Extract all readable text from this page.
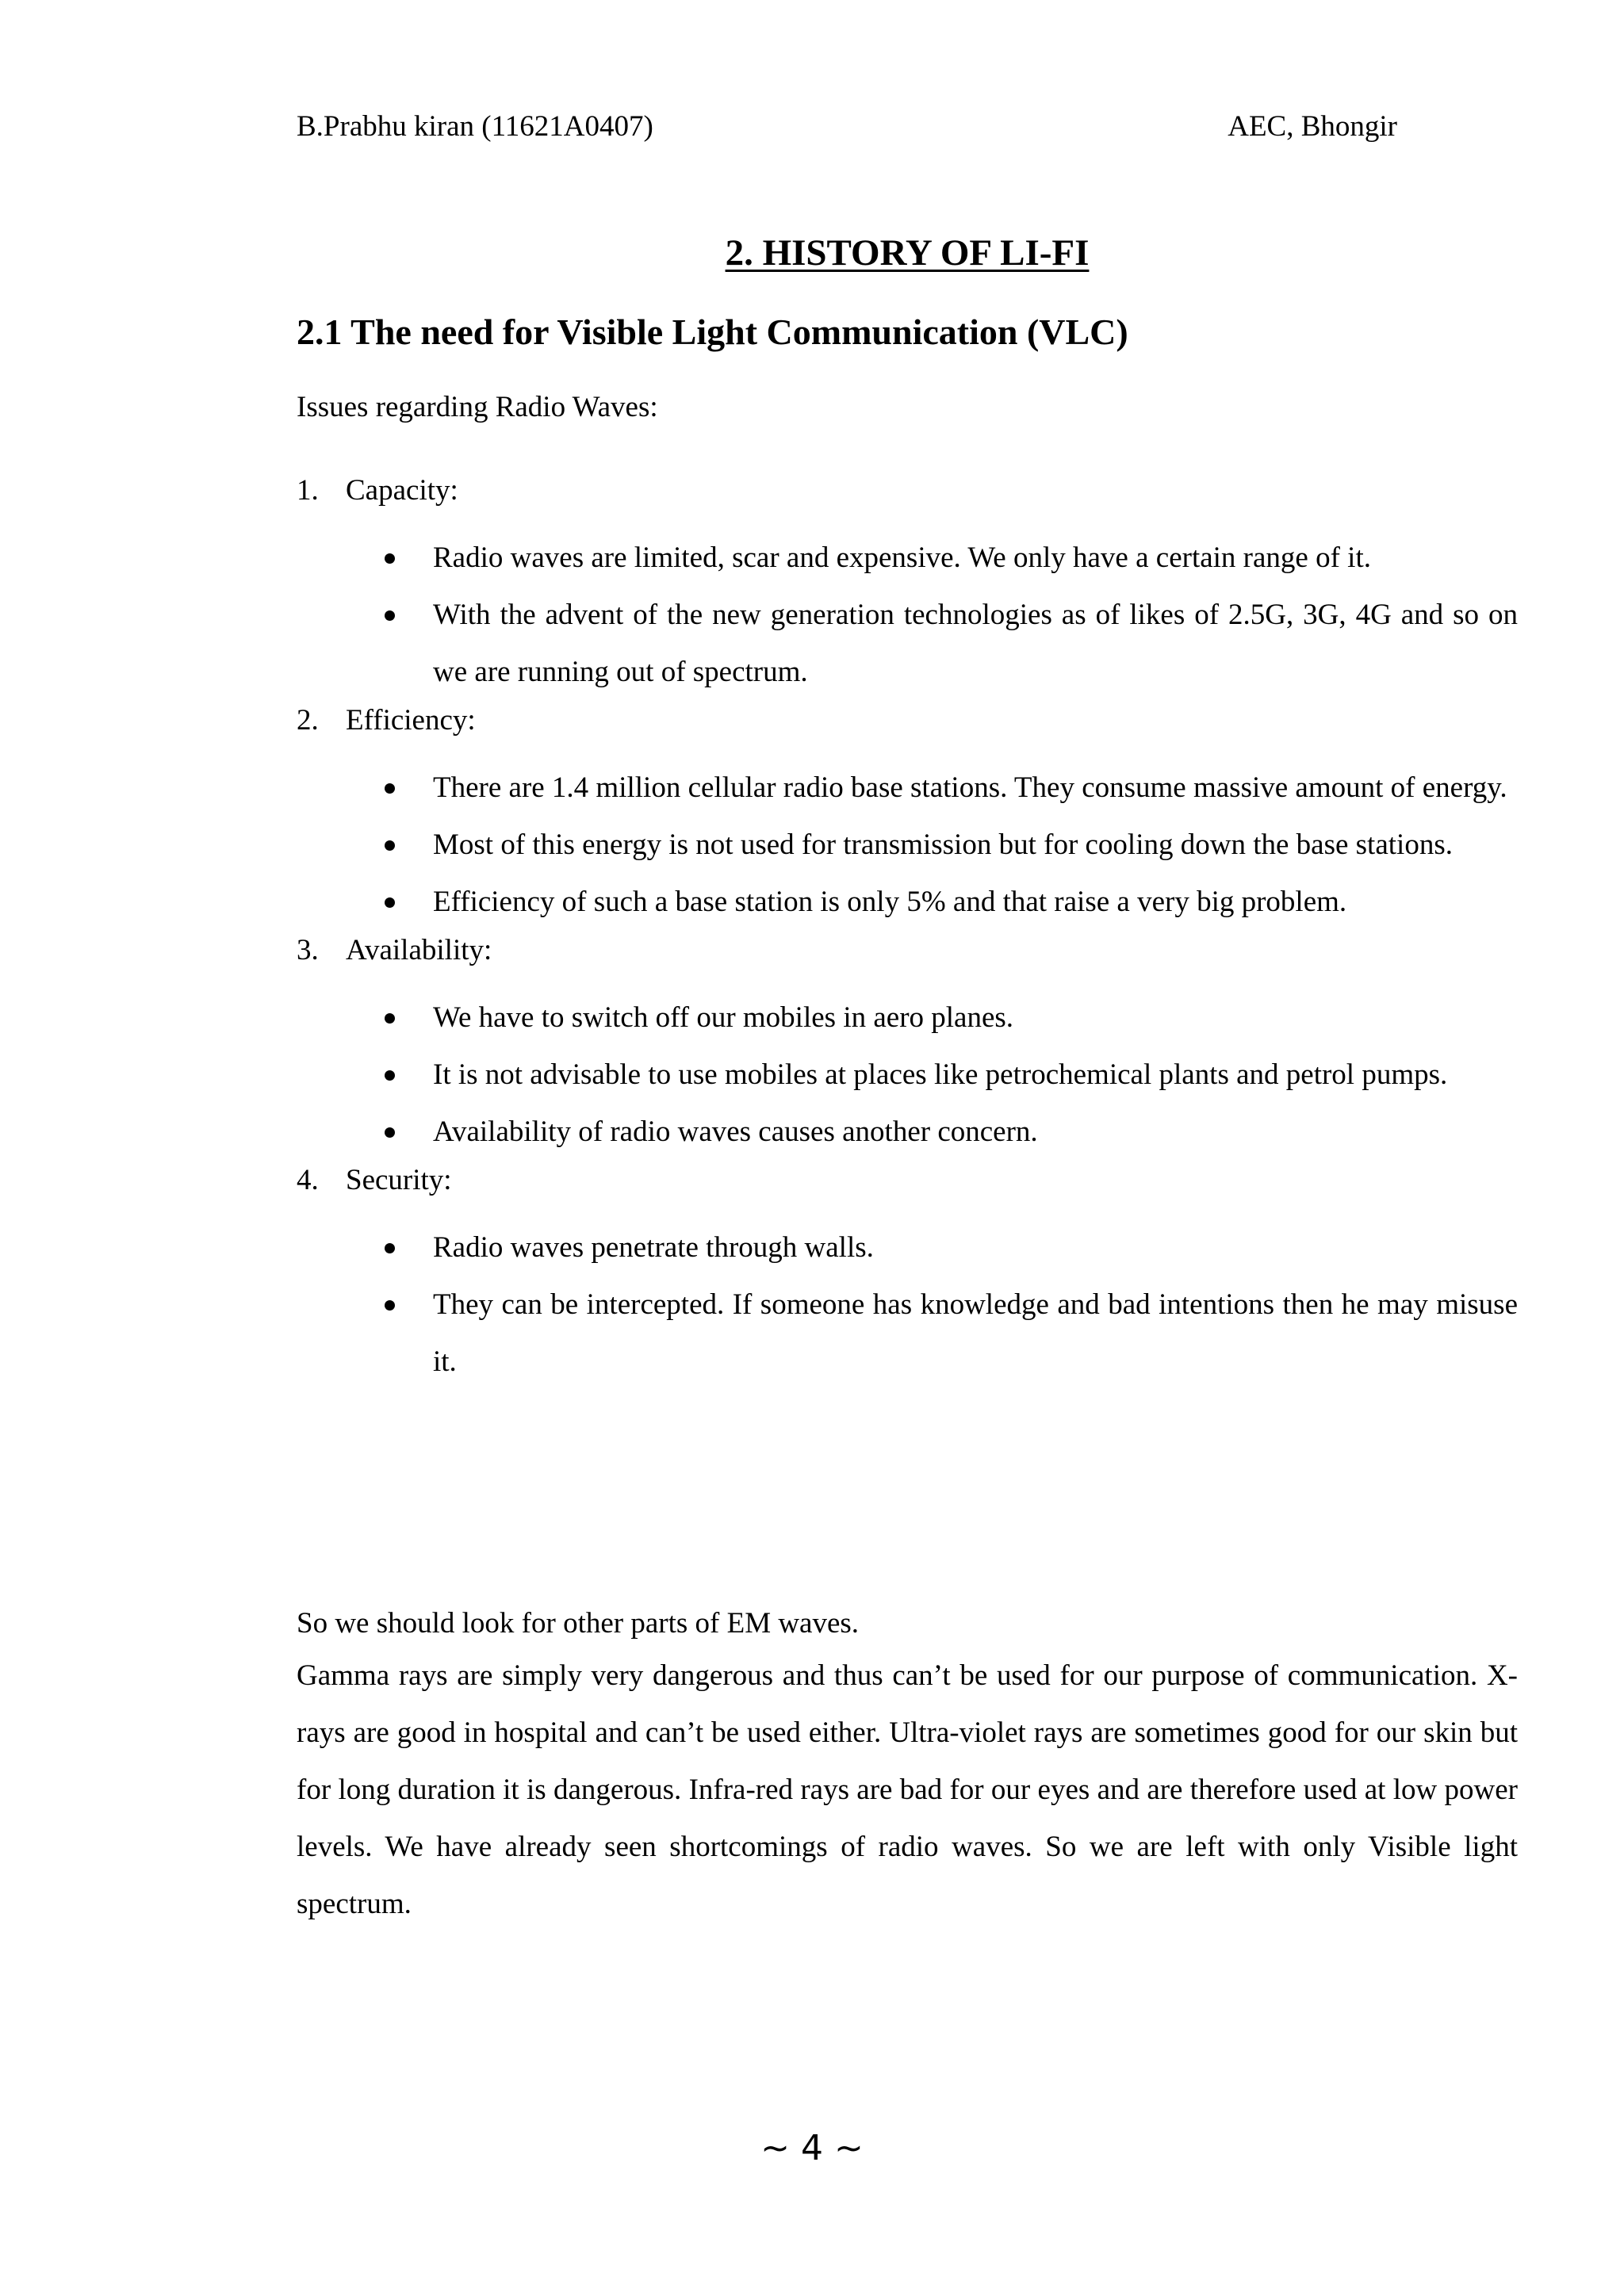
B.Prabhu kiran (11621A0407)	AEC, Bhongir
2. HISTORY OF LI-FI
2.1 The need for Visible Light Communication (VLC)
Issues regarding Radio Waves:
1. Capacity:
Radio waves are limited, scar and expensive. We only have a certain range of it.
With the advent of the new generation technologies as of likes of 2.5G, 3G, 4G and so on we are running out of spectrum.
2. Efficiency:
There are 1.4 million cellular radio base stations. They consume massive amount of energy.
Most of this energy is not used for transmission but for cooling down the base stations.
Efficiency of such a base station is only 5% and that raise a very big problem.
3. Availability:
We have to switch off our mobiles in aero planes.
It is not advisable to use mobiles at places like petrochemical plants and petrol pumps.
Availability of radio waves causes another concern.
4. Security:
Radio waves penetrate through walls.
They can be intercepted. If someone has knowledge and bad intentions then he may misuse it.
So we should look for other parts of EM waves.

Gamma rays are simply very dangerous and thus can’t be used for our purpose of communication. X-rays are good in hospital and can’t be used either. Ultra-violet rays are sometimes good for our skin but for long duration it is dangerous. Infra-red rays are bad for our eyes and are therefore used at low power levels. We have already seen shortcomings of radio waves. So we are left with only Visible light spectrum.

~ 4 ~
